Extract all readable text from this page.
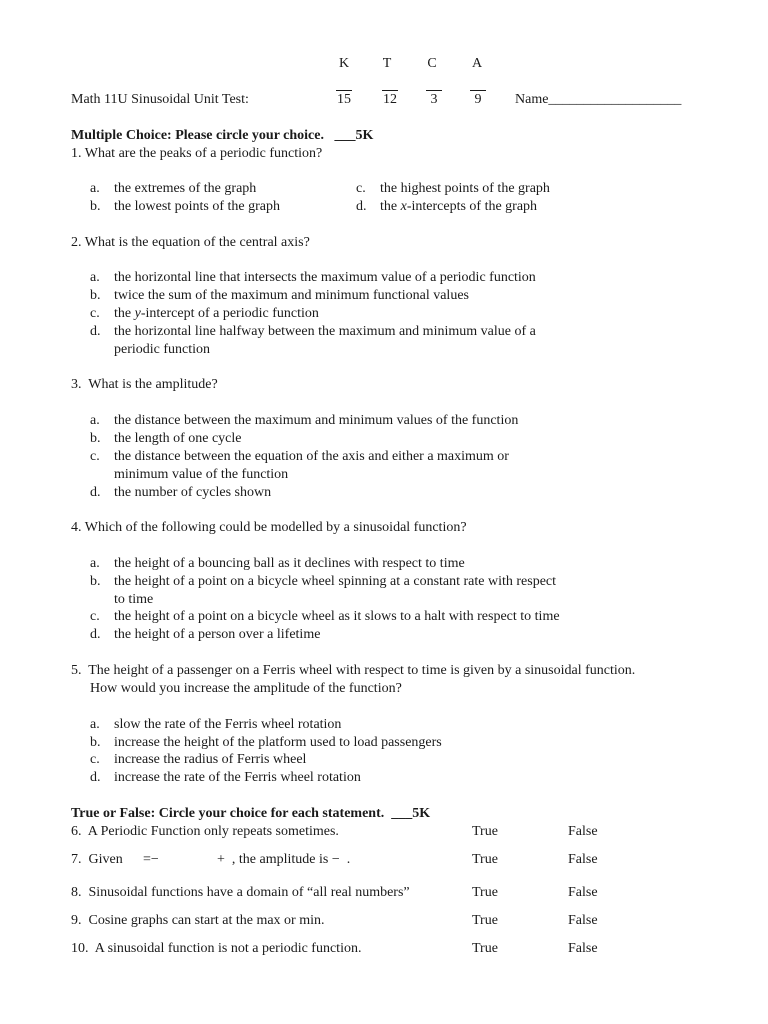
K	T	C	A
Math 11U Sinusoidal Unit Test:	15	12	3	9	Name___________________
Multiple Choice: Please circle your choice.   ___5K
1. What are the peaks of a periodic function?
a. the extremes of the graph
b. the lowest points of the graph
c. the highest points of the graph
d. the x-intercepts of the graph
2. What is the equation of the central axis?
a. the horizontal line that intersects the maximum value of a periodic function
b. twice the sum of the maximum and minimum functional values
c. the y-intercept of a periodic function
d. the horizontal line halfway between the maximum and minimum value of a
periodic function
3.  What is the amplitude?
a. the distance between the maximum and minimum values of the function
b. the length of one cycle
c. the distance between the equation of the axis and either a maximum or
minimum value of the function
d. the number of cycles shown
4. Which of the following could be modelled by a sinusoidal function?
a. the height of a bouncing ball as it declines with respect to time
b. the height of a point on a bicycle wheel spinning at a constant rate with respect
to time
c. the height of a point on a bicycle wheel as it slows to a halt with respect to time
d. the height of a person over a lifetime
5.  The height of a passenger on a Ferris wheel with respect to time is given by a sinusoidal function.
How would you increase the amplitude of the function?
a. slow the rate of the Ferris wheel rotation
b. increase the height of the platform used to load passengers
c. increase the radius of Ferris wheel
d. increase the rate of the Ferris wheel rotation
True or False: Circle your choice for each statement.  ___5K
6.  A Periodic Function only repeats sometimes.	True	False
7.  Given =−	+  , the amplitude is −  .	True	False
8.  Sinusoidal functions have a domain of “all real numbers”	True	False
9.  Cosine graphs can start at the max or min.	True	False
10.  A sinusoidal function is not a periodic function.	True	False
